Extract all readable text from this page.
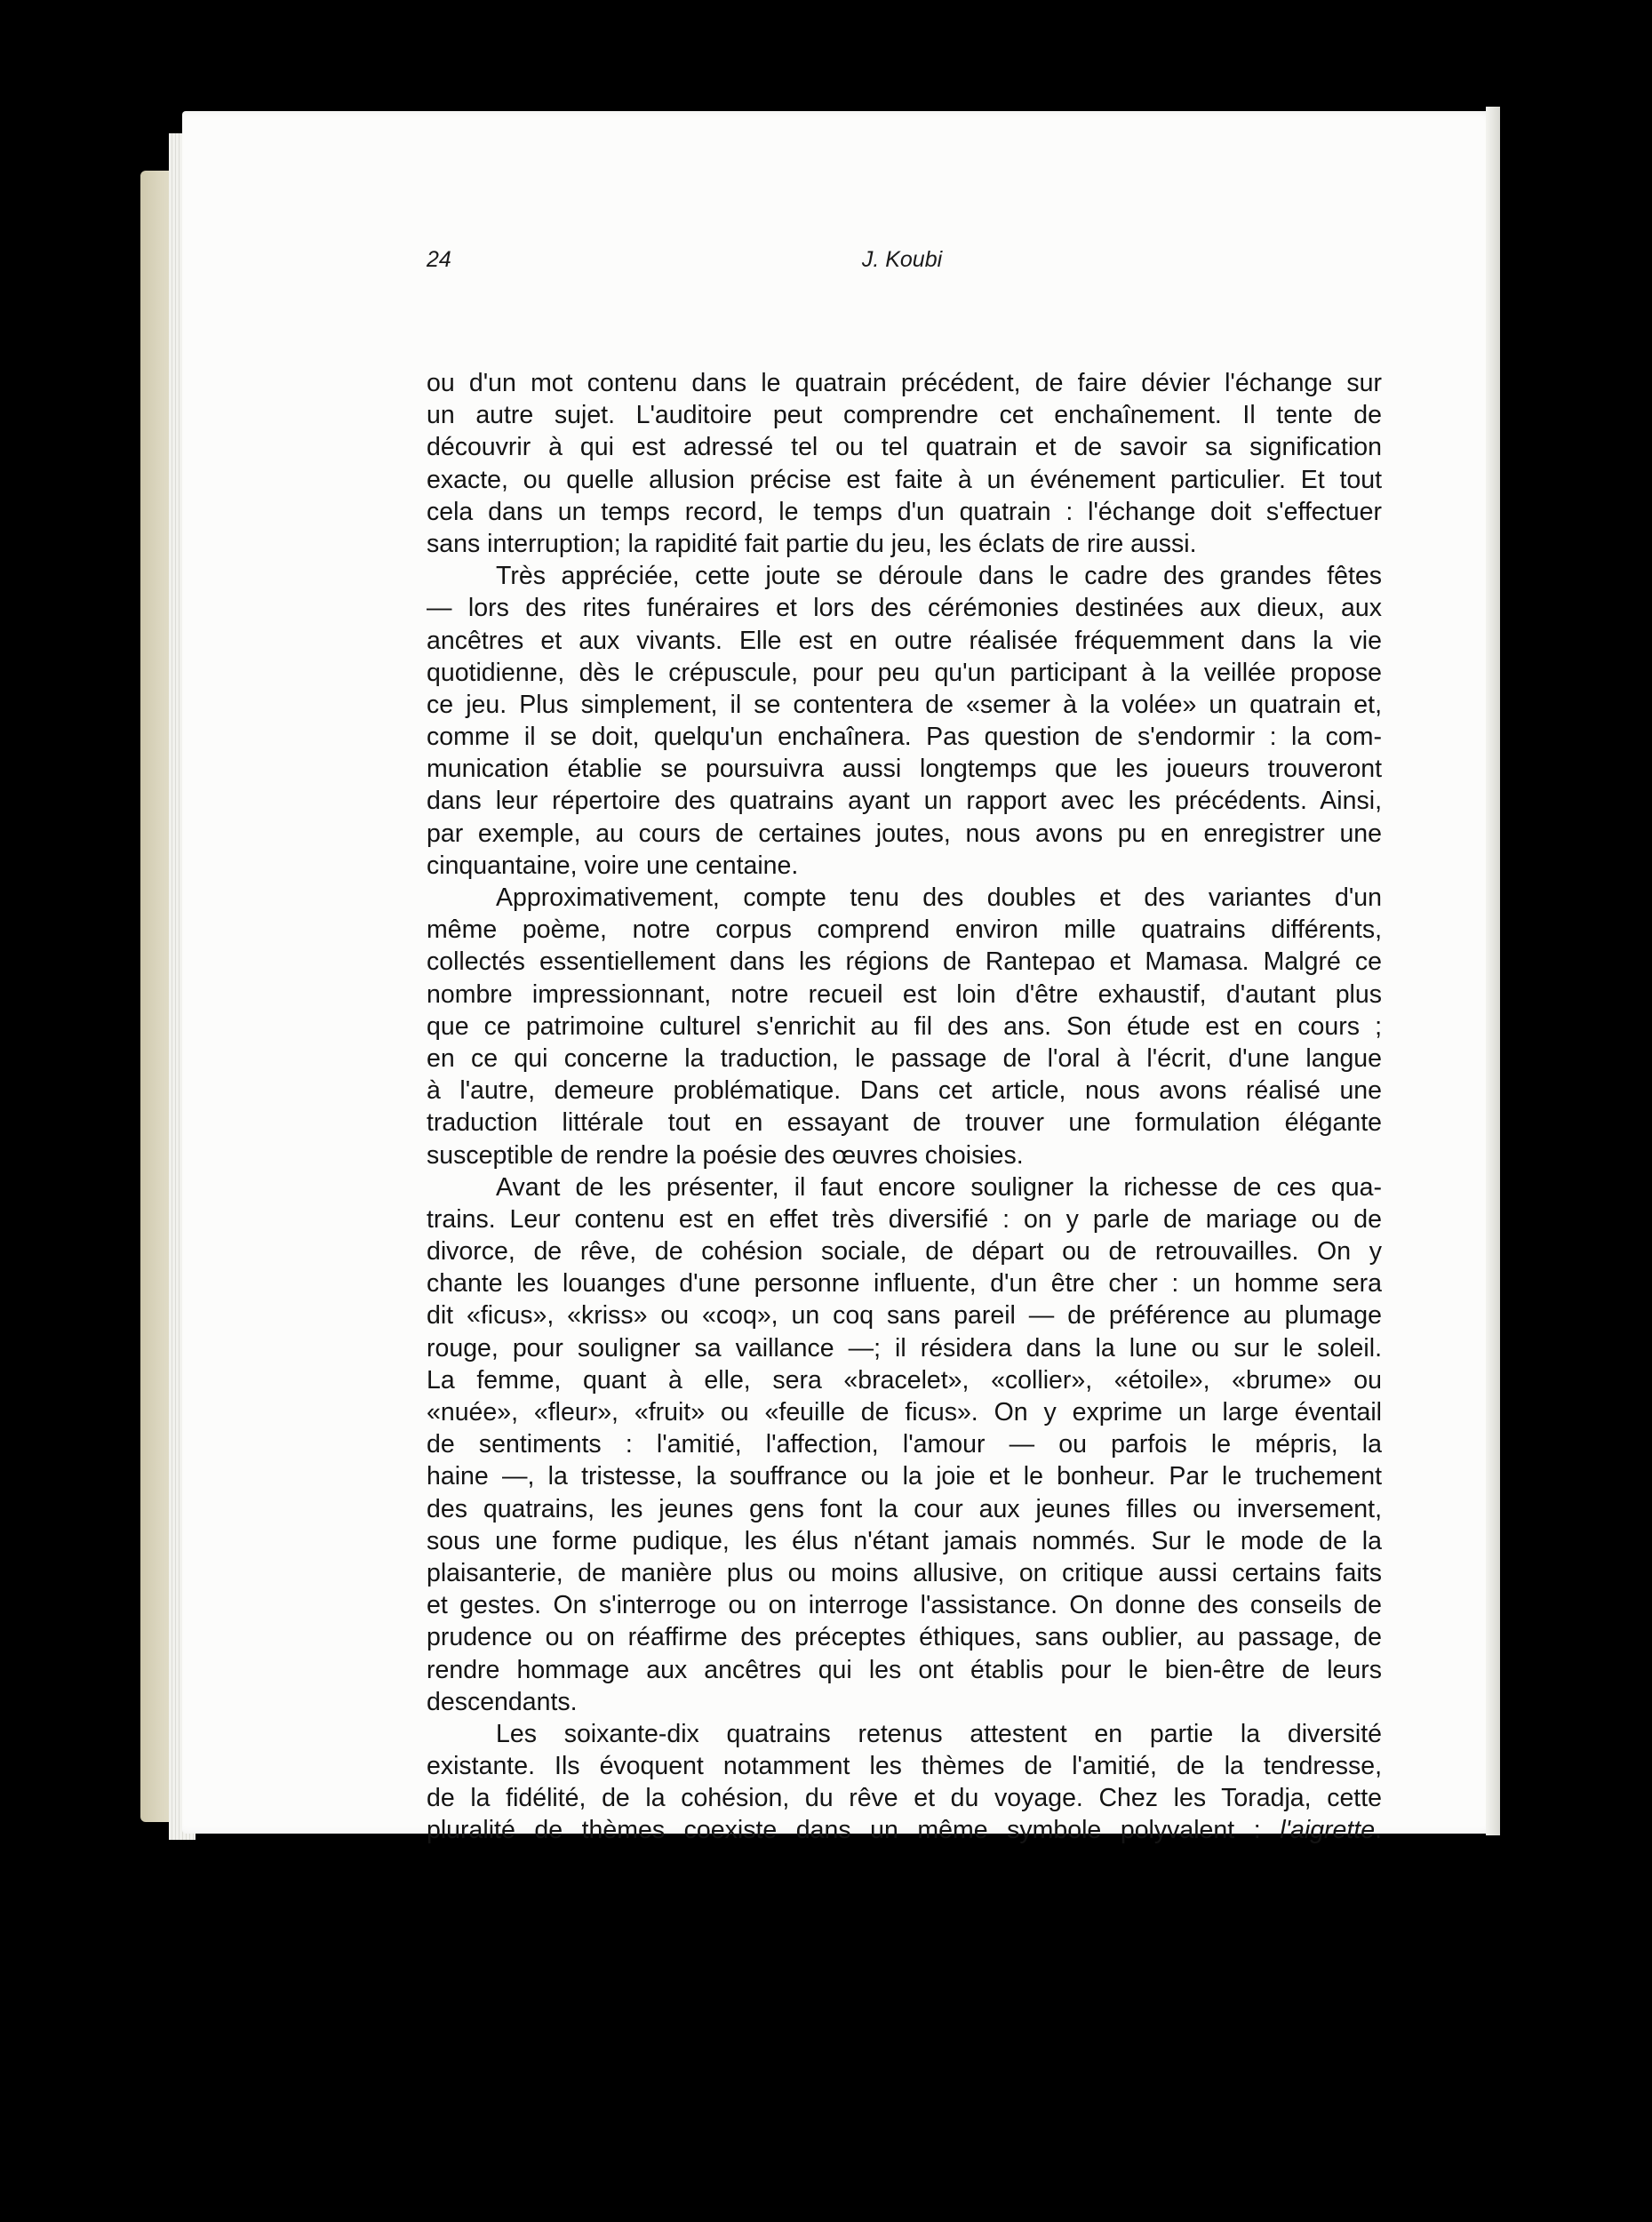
24	J. Koubi
ou d'un mot contenu dans le quatrain précédent, de faire dévier l'échange sur
un autre sujet. L'auditoire peut comprendre cet enchaînement. Il tente de
découvrir à qui est adressé tel ou tel quatrain et de savoir sa signification
exacte, ou quelle allusion précise est faite à un événement particulier. Et tout
cela dans un temps record, le temps d'un quatrain : l'échange doit s'effectuer
sans interruption; la rapidité fait partie du jeu, les éclats de rire aussi.
Très appréciée, cette joute se déroule dans le cadre des grandes fêtes
— lors des rites funéraires et lors des cérémonies destinées aux dieux, aux
ancêtres et aux vivants. Elle est en outre réalisée fréquemment dans la vie
quotidienne, dès le crépuscule, pour peu qu'un participant à la veillée propose
ce jeu. Plus simplement, il se contentera de «semer à la volée» un quatrain et,
comme il se doit, quelqu'un enchaînera. Pas question de s'endormir : la com-
munication établie se poursuivra aussi longtemps que les joueurs trouveront
dans leur répertoire des quatrains ayant un rapport avec les précédents. Ainsi,
par exemple, au cours de certaines joutes, nous avons pu en enregistrer une
cinquantaine, voire une centaine.
Approximativement, compte tenu des doubles et des variantes d'un
même poème, notre corpus comprend environ mille quatrains différents,
collectés essentiellement dans les régions de Rantepao et Mamasa. Malgré ce
nombre impressionnant, notre recueil est loin d'être exhaustif, d'autant plus
que ce patrimoine culturel s'enrichit au fil des ans. Son étude est en cours ;
en ce qui concerne la traduction, le passage de l'oral à l'écrit, d'une langue
à l'autre, demeure problématique. Dans cet article, nous avons réalisé une
traduction littérale tout en essayant de trouver une formulation élégante
susceptible de rendre la poésie des œuvres choisies.
Avant de les présenter, il faut encore souligner la richesse de ces qua-
trains. Leur contenu est en effet très diversifié : on y parle de mariage ou de
divorce, de rêve, de cohésion sociale, de départ ou de retrouvailles. On y
chante les louanges d'une personne influente, d'un être cher : un homme sera
dit «ficus», «kriss» ou «coq», un coq sans pareil — de préférence au plumage
rouge, pour souligner sa vaillance —; il résidera dans la lune ou sur le soleil.
La femme, quant à elle, sera «bracelet», «collier», «étoile», «brume» ou
«nuée», «fleur», «fruit» ou «feuille de ficus». On y exprime un large éventail
de sentiments : l'amitié, l'affection, l'amour — ou parfois le mépris, la
haine —, la tristesse, la souffrance ou la joie et le bonheur. Par le truchement
des quatrains, les jeunes gens font la cour aux jeunes filles ou inversement,
sous une forme pudique, les élus n'étant jamais nommés. Sur le mode de la
plaisanterie, de manière plus ou moins allusive, on critique aussi certains faits
et gestes. On s'interroge ou on interroge l'assistance. On donne des conseils de
prudence ou on réaffirme des préceptes éthiques, sans oublier, au passage, de
rendre hommage aux ancêtres qui les ont établis pour le bien-être de leurs
descendants.
Les soixante-dix quatrains retenus attestent en partie la diversité
existante. Ils évoquent notamment les thèmes de l'amitié, de la tendresse,
de la fidélité, de la cohésion, du rêve et du voyage. Chez les Toradja, cette
pluralité de thèmes coexiste dans un même symbole polyvalent : l'aigrette.
